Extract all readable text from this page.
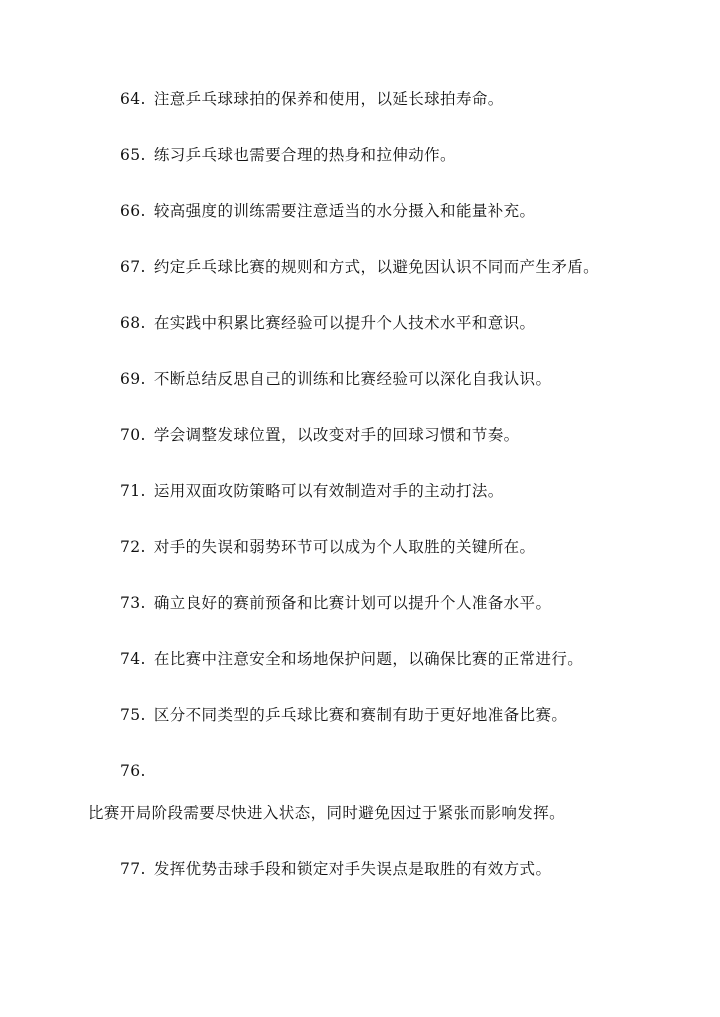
64. 注意乒乓球球拍的保养和使用，以延长球拍寿命。
65. 练习乒乓球也需要合理的热身和拉伸动作。
66. 较高强度的训练需要注意适当的水分摄入和能量补充。
67. 约定乒乓球比赛的规则和方式，以避免因认识不同而产生矛盾。
68. 在实践中积累比赛经验可以提升个人技术水平和意识。
69. 不断总结反思自己的训练和比赛经验可以深化自我认识。
70. 学会调整发球位置，以改变对手的回球习惯和节奏。
71. 运用双面攻防策略可以有效制造对手的主动打法。
72. 对手的失误和弱势环节可以成为个人取胜的关键所在。
73. 确立良好的赛前预备和比赛计划可以提升个人准备水平。
74. 在比赛中注意安全和场地保护问题，以确保比赛的正常进行。
75. 区分不同类型的乒乓球比赛和赛制有助于更好地准备比赛。
76.
比赛开局阶段需要尽快进入状态，同时避免因过于紧张而影响发挥。
77. 发挥优势击球手段和锁定对手失误点是取胜的有效方式。
